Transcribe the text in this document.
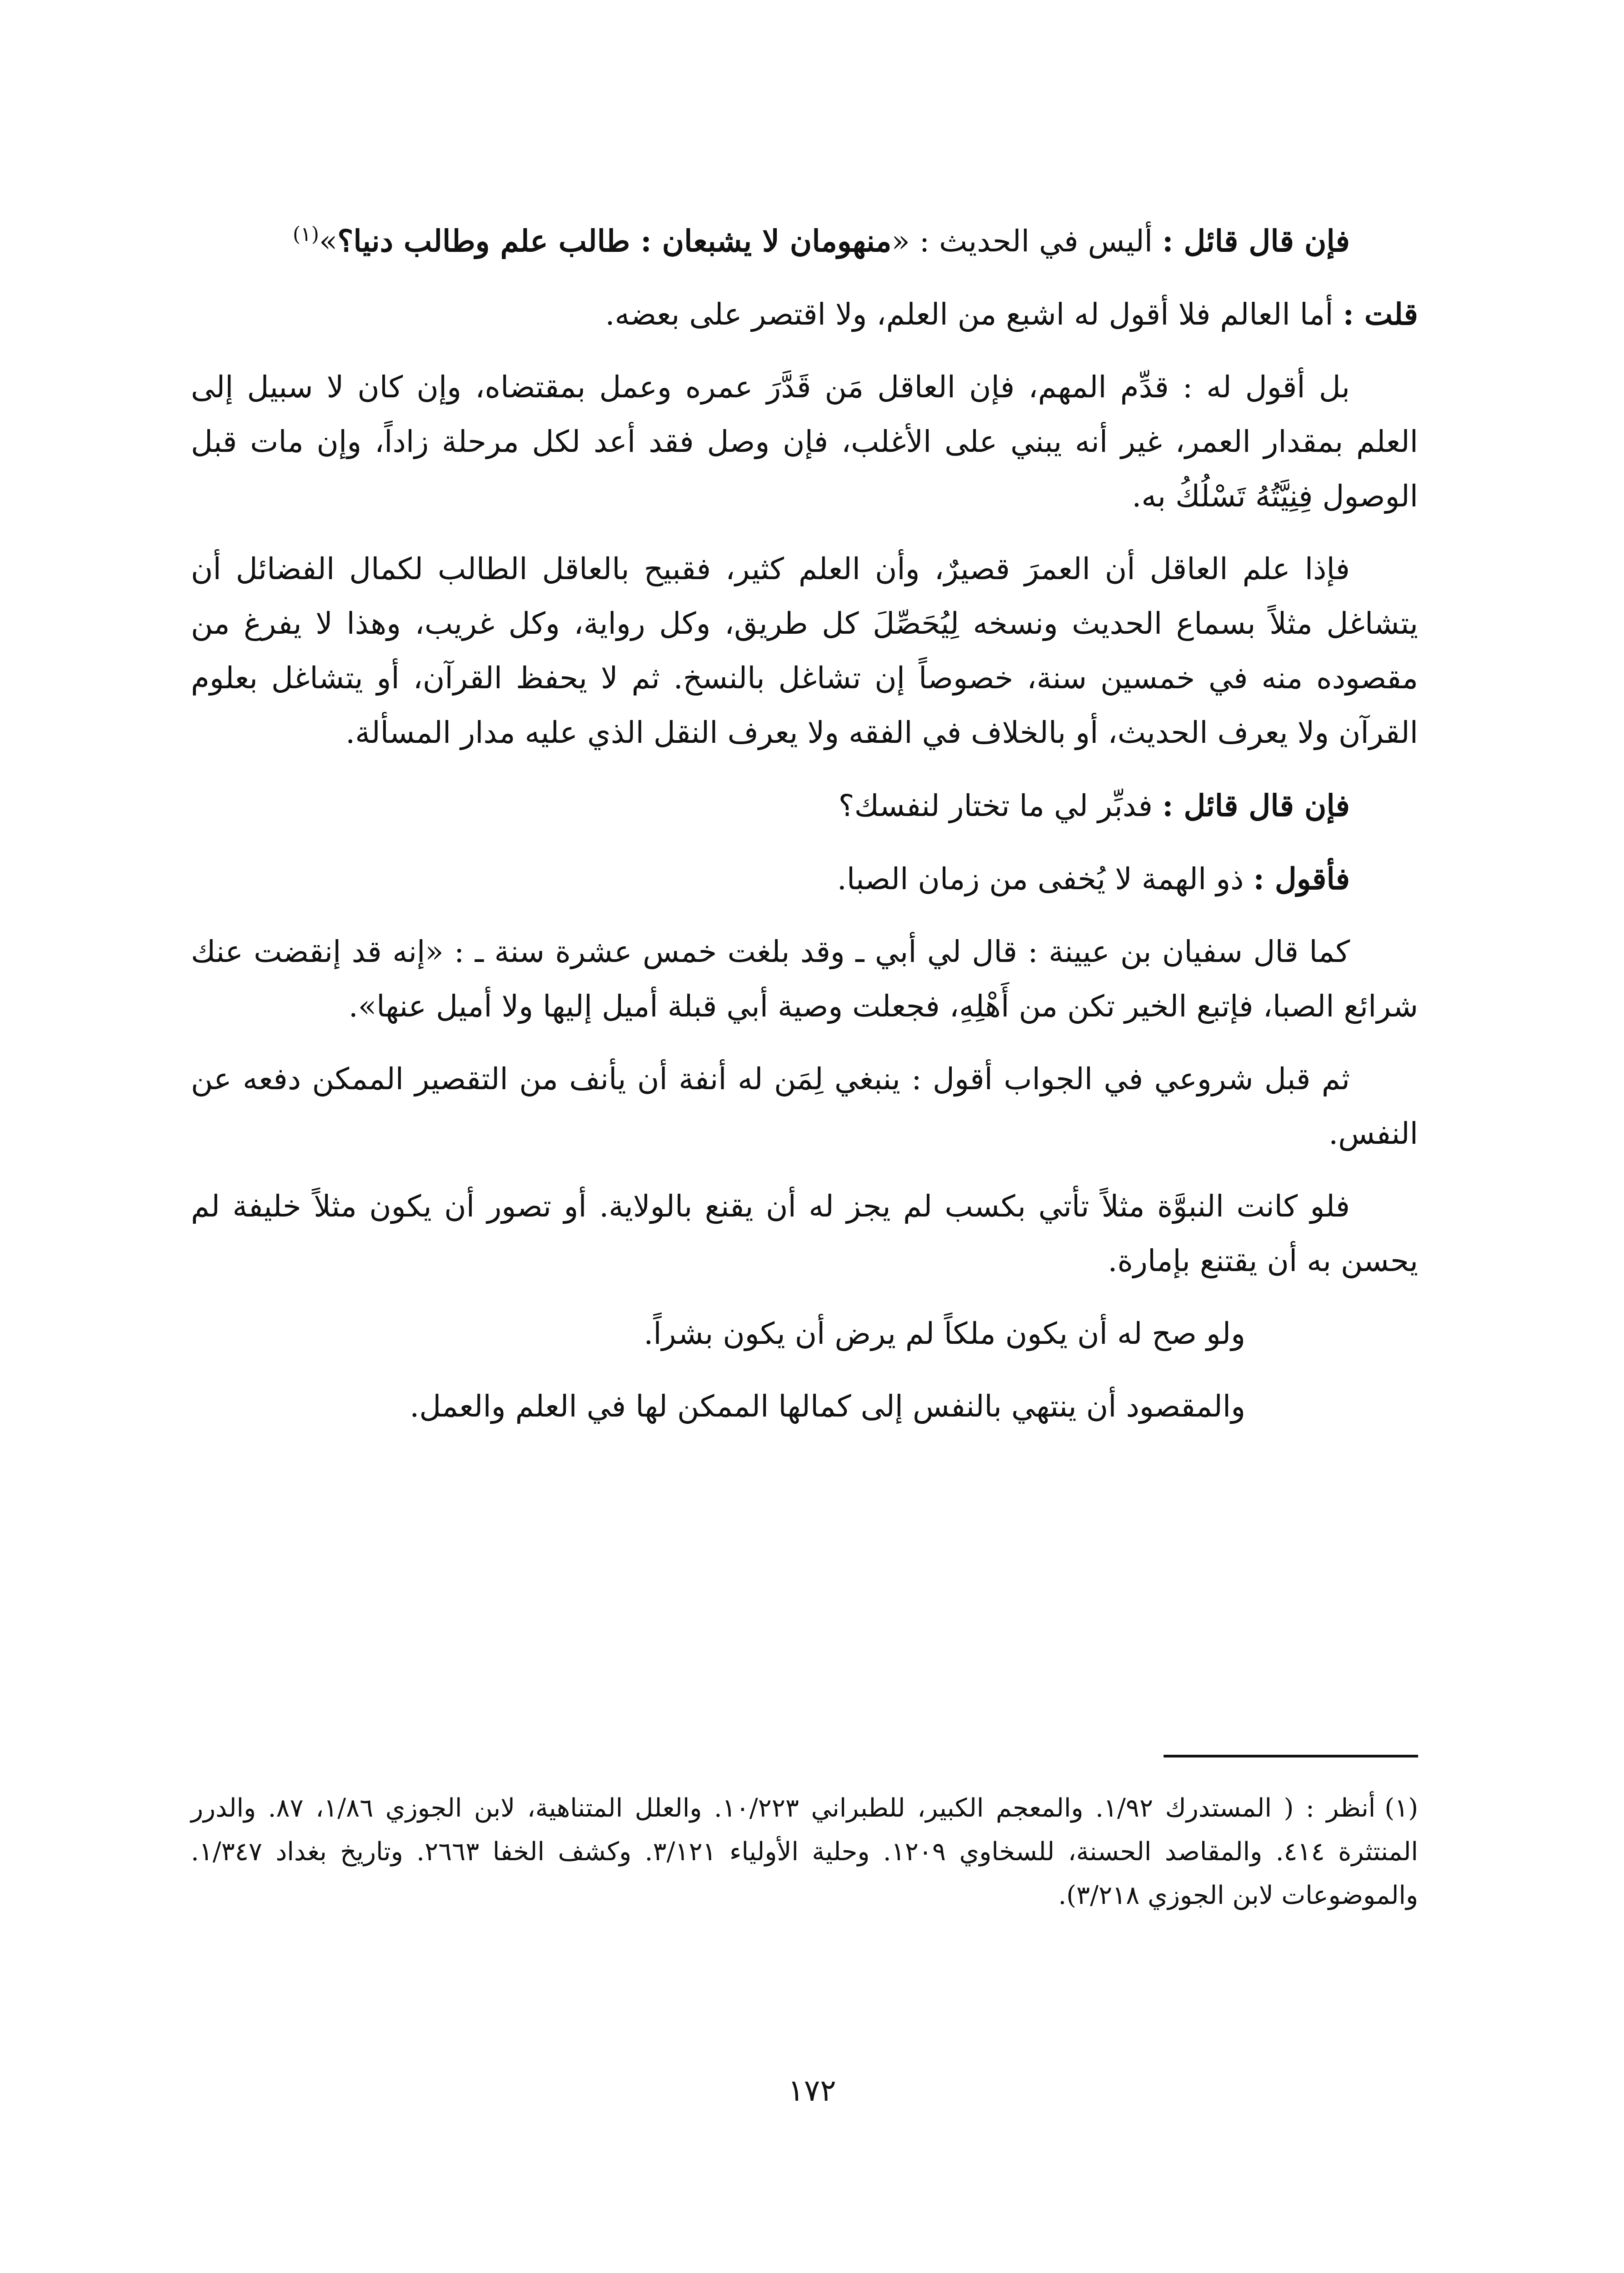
فإن قال قائل : أليس في الحديث : «منهومان لا يشبعان : طالب علم وطالب دنيا؟»$^{(١)}$

قلت : أما العالم فلا أقول له اشبع من العلم، ولا اقتصر على بعضه.

بل أقول له : قدِّم المهم، فإن العاقل مَن قَدَّرَ عمره وعمل بمقتضاه، وإن كان لا سبيل إلى العلم بمقدار العمر، غير أنه يبني على الأغلب، فإن وصل فقد أعد لكل مرحلة زاداً، وإن مات قبل الوصول فِنِيَّتُهُ تَسْلُكُ به.

فإذا علم العاقل أن العمرَ قصيرٌ، وأن العلم كثير، فقبيح بالعاقل الطالب لكمال الفضائل أن يتشاغل مثلاً بسماع الحديث ونسخه لِيُحَصِّلَ كل طريق، وكل رواية، وكل غريب، وهذا لا يفرغ من مقصوده منه في خمسين سنة، خصوصاً إن تشاغل بالنسخ. ثم لا يحفظ القرآن، أو يتشاغل بعلوم القرآن ولا يعرف الحديث، أو بالخلاف في الفقه ولا يعرف النقل الذي عليه مدار المسألة.

فإن قال قائل : فدبِّر لي ما تختار لنفسك؟

فأقول : ذو الهمة لا يُخفى من زمان الصبا.

كما قال سفيان بن عيينة : قال لي أبي ـ وقد بلغت خمس عشرة سنة ـ : «إنه قد إنقضت عنك شرائع الصبا، فإتبع الخير تكن من أَهْلِهِ، فجعلت وصية أبي قبلة أميل إليها ولا أميل عنها».

ثم قبل شروعي في الجواب أقول : ينبغي لِمَن له أنفة أن يأنف من التقصير الممكن دفعه عن النفس.

فلو كانت النبوَّة مثلاً تأتي بكسب لم يجز له أن يقنع بالولاية. أو تصور أن يكون مثلاً خليفة لم يحسن به أن يقتنع بإمارة.

ولو صح له أن يكون ملكاً لم يرض أن يكون بشراً.

والمقصود أن ينتهي بالنفس إلى كمالها الممكن لها في العلم والعمل.

(١)أنظر : ( المستدرك ١/٩٢. والمعجم الكبير، للطبراني ١٠/٢٢٣. والعلل المتناهية، لابن الجوزي ١/٨٦، ٨٧. والدرر المنتثرة ٤١٤. والمقاصد الحسنة، للسخاوي ١٢٠٩. وحلية الأولياء ٣/١٢١. وكشف الخفا ٢٦٦٣. وتاريخ بغداد ١/٣٤٧. والموضوعات لابن الجوزي ٣/٢١٨).
١٧٢
